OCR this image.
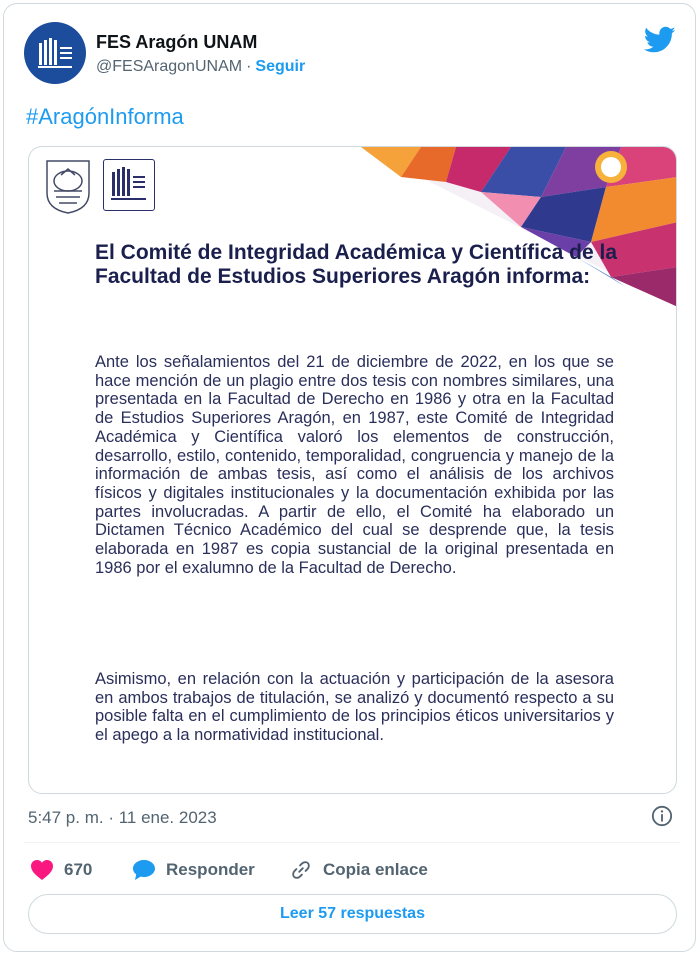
FES Aragón UNAM
@FESAragonUNAM · Seguir
#AragónInforma
El Comité de Integridad Académica y Científica de la Facultad de Estudios Superiores Aragón informa:
Ante los señalamientos del 21 de diciembre de 2022, en los que se hace mención de un plagio entre dos tesis con nombres similares, una presentada en la Facultad de Derecho en 1986 y otra en la Facultad de Estudios Superiores Aragón, en 1987, este Comité de Integridad Académica y Científica valoró los elementos de construcción, desarrollo, estilo, contenido, temporalidad, congruencia y manejo de la información de ambas tesis, así como el análisis de los archivos físicos y digitales institucionales y la documentación exhibida por las partes involucradas. A partir de ello, el Comité ha elaborado un Dictamen Técnico Académico del cual se desprende que, la tesis elaborada en 1987 es copia sustancial de la original presentada en 1986 por el exalumno de la Facultad de Derecho.
Asimismo, en relación con la actuación y participación de la asesora en ambos trabajos de titulación, se analizó y documentó respecto a su posible falta en el cumplimiento de los principios éticos universitarios y el apego a la normatividad institucional.
5:47 p. m. · 11 ene. 2023
670	Responder	Copia enlace
Leer 57 respuestas
